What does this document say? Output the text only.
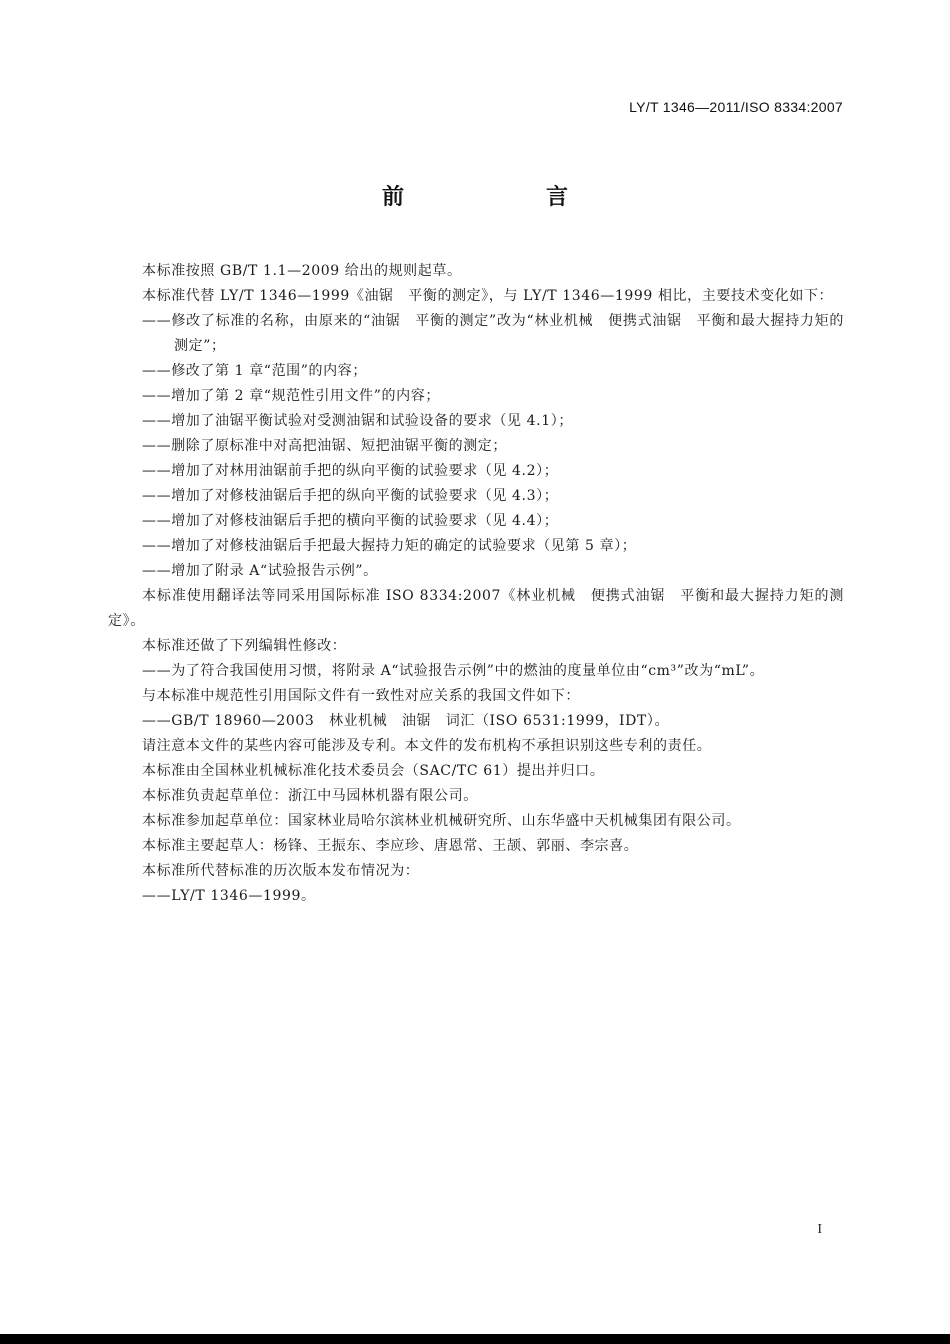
LY/T 1346—2011/ISO 8334:2007
前　言

本标准按照 GB/T 1.1—2009 给出的规则起草。

本标准代替 LY/T 1346—1999《油锯　平衡的测定》，与 LY/T 1346—1999 相比，主要技术变化如下：

——修改了标准的名称，由原来的“油锯　平衡的测定”改为“林业机械　便携式油锯　平衡和最大握持力矩的测定”；

——修改了第 1 章“范围”的内容；

——增加了第 2 章“规范性引用文件”的内容；

——增加了油锯平衡试验对受测油锯和试验设备的要求（见 4.1）；

——删除了原标准中对高把油锯、短把油锯平衡的测定；

——增加了对林用油锯前手把的纵向平衡的试验要求（见 4.2）；

——增加了对修枝油锯后手把的纵向平衡的试验要求（见 4.3）；

——增加了对修枝油锯后手把的横向平衡的试验要求（见 4.4）；

——增加了对修枝油锯后手把最大握持力矩的确定的试验要求（见第 5 章）；

——增加了附录 A“试验报告示例”。

本标准使用翻译法等同采用国际标准 ISO 8334:2007《林业机械　便携式油锯　平衡和最大握持力矩的测定》。

本标准还做了下列编辑性修改：

——为了符合我国使用习惯，将附录 A“试验报告示例”中的燃油的度量单位由“cm³”改为“mL”。

与本标准中规范性引用国际文件有一致性对应关系的我国文件如下：

——GB/T 18960—2003　林业机械　油锯　词汇（ISO 6531:1999，IDT）。

请注意本文件的某些内容可能涉及专利。本文件的发布机构不承担识别这些专利的责任。

本标准由全国林业机械标准化技术委员会（SAC/TC 61）提出并归口。

本标准负责起草单位：浙江中马园林机器有限公司。

本标准参加起草单位：国家林业局哈尔滨林业机械研究所、山东华盛中天机械集团有限公司。

本标准主要起草人：杨锋、王振东、李应珍、唐恩常、王颉、郭丽、李宗喜。

本标准所代替标准的历次版本发布情况为：

——LY/T 1346—1999。

I
